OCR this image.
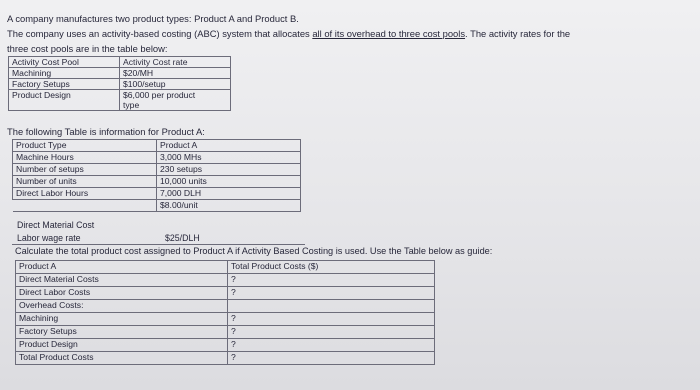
A company manufactures two product types: Product A and Product B.
The company uses an activity-based costing (ABC) system that allocates all of its overhead to three cost pools. The activity rates for the
three cost pools are in the table below:
Activity Cost Pool	Activity Cost rate
Machining	$20/MH
Factory Setups	$100/setup
Product Design	$6,000 per product
type
The following Table is information for Product A:
Product Type	Product A
Machine Hours	3,000 MHs
Number of setups	230 setups
Number of units	10,000 units
Direct Labor Hours	7,000 DLH
	$8.00/unit
Direct Material Cost
Labor wage rate	$25/DLH
Calculate the total product cost assigned to Product A if Activity Based Costing is used. Use the Table below as guide:
Product A	Total Product Costs ($)
Direct Material Costs	?
Direct Labor Costs	?
Overhead Costs:	
Machining	?
Factory Setups	?
Product Design	?
Total Product Costs	?
